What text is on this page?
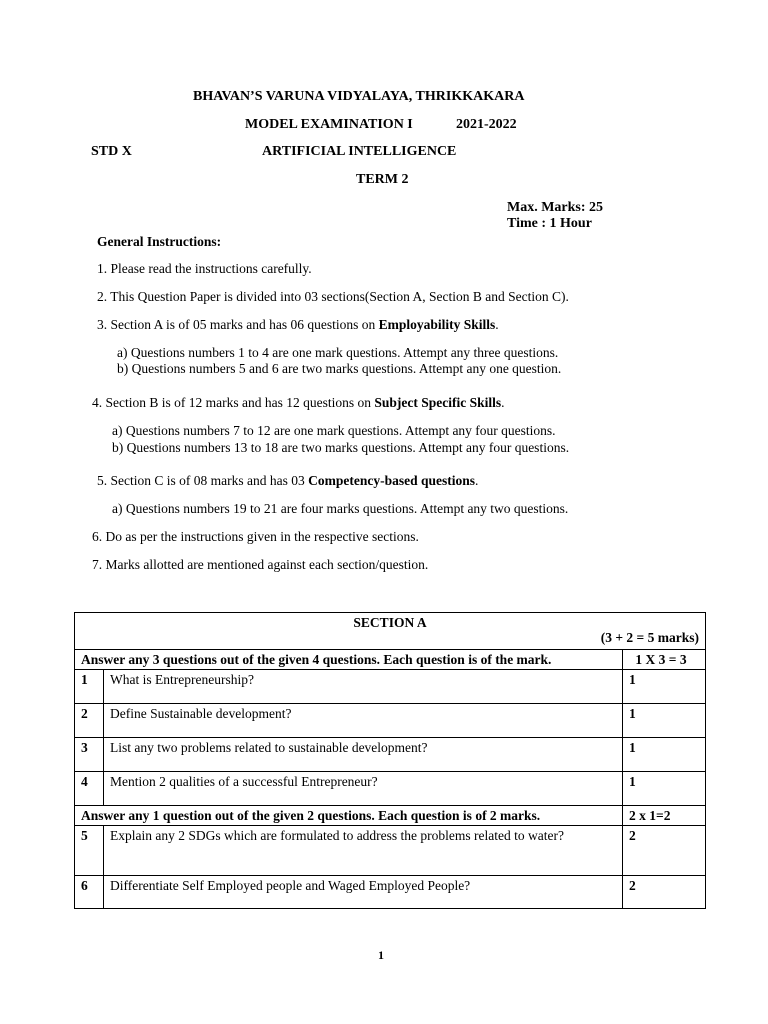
BHAVAN’S VARUNA VIDYALAYA, THRIKKAKARA
MODEL EXAMINATION I	2021-2022
STD X	ARTIFICIAL INTELLIGENCE
TERM 2
Max. Marks: 25
Time : 1 Hour
General Instructions:
1. Please read the instructions carefully.
2. This Question Paper is divided into 03 sections(Section A, Section B and Section C).
3. Section A is of 05 marks and has 06 questions on Employability Skills.
a) Questions numbers 1 to 4 are one mark questions. Attempt any three questions.
b) Questions numbers 5 and 6 are two marks questions. Attempt any one question.
4. Section B is of 12 marks and has 12 questions on Subject Specific Skills.
a) Questions numbers 7 to 12 are one mark questions. Attempt any four questions.
b) Questions numbers 13 to 18 are two marks questions. Attempt any four questions.
5. Section C is of 08 marks and has 03 Competency-based questions.
a) Questions numbers 19 to 21 are four marks questions. Attempt any two questions.
6. Do as per the instructions given in the respective sections.
7. Marks allotted are mentioned against each section/question.
SECTION A
(3 + 2 = 5 marks)		

Answer any 3 questions out of the given 4 questions. Each question is of the mark.		1 X 3 = 3
1	What is Entrepreneurship?	1
2	Define Sustainable development?	1
3	List any two problems related to sustainable development?	1
4	Mention 2 qualities of a successful Entrepreneur?	1
Answer any 1 question out of the given 2 questions. Each question is of 2 marks.		2 x 1=2
5	Explain any 2 SDGs which are formulated to address the problems related to water?	2
6	Differentiate Self Employed people and Waged Employed People?	2
1
